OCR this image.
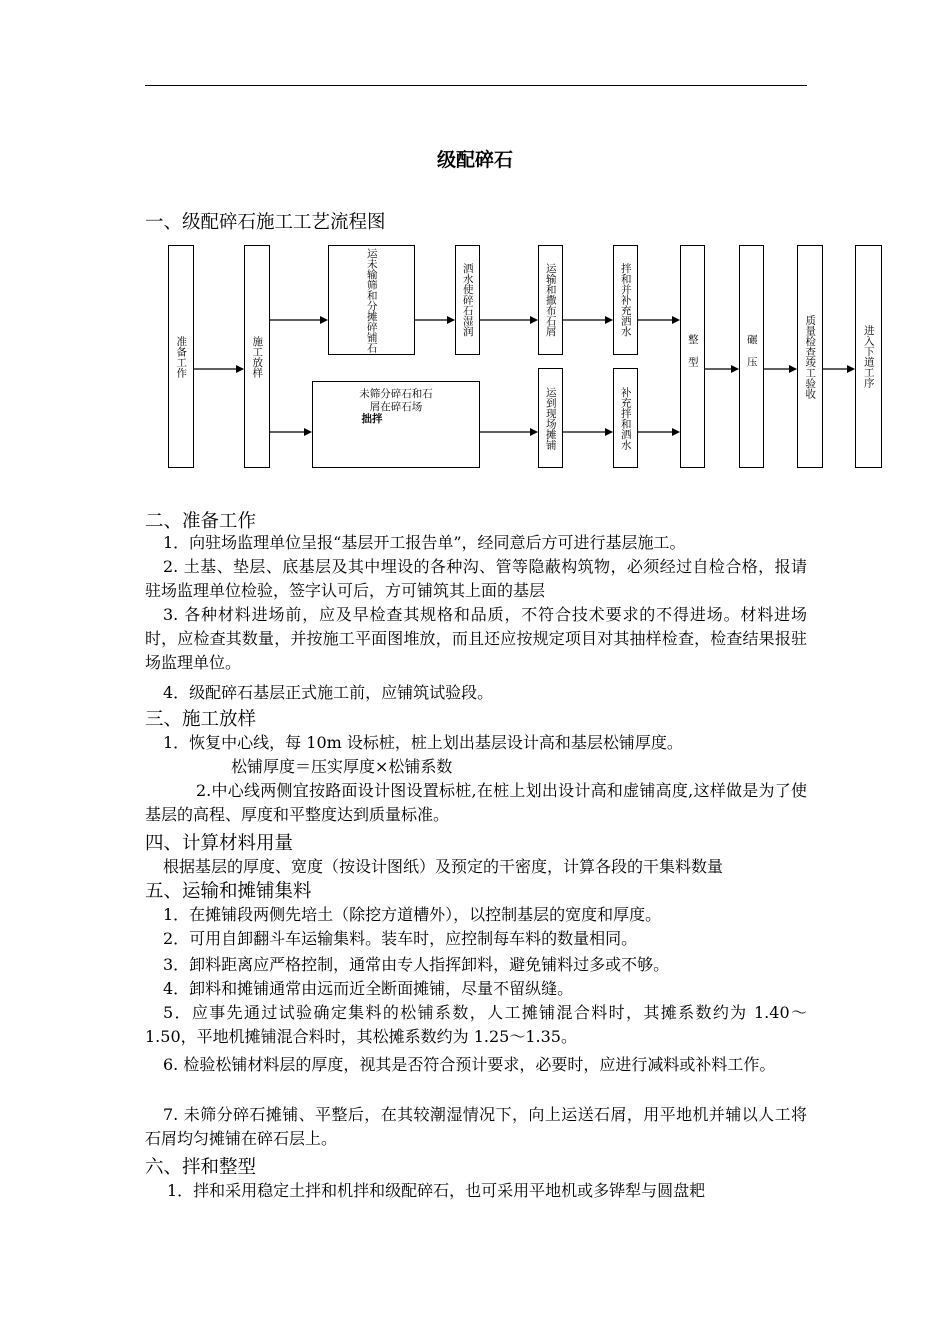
级配碎石
一、级配碎石施工工艺流程图
准备工作	施工放样
运未输筛和分摊碎铺石	洒水使碎石湿润	运输和撒布石屑	拌和并补充洒水
未筛分碎石和石
屑在碎石场
拙拌	运到现场摊铺	补充拌和洒水
整型	碾压	质量检查竣工验收	进入下道工序
二、准备工作
1．向驻场监理单位呈报“基层开工报告单”，经同意后方可进行基层施工。
2. 土基、垫层、底基层及其中埋设的各种沟、管等隐蔽构筑物，必须经过自检合格，报请驻场监理单位检验，签字认可后，方可铺筑其上面的基层
3. 各种材料进场前，应及早检查其规格和品质，不符合技术要求的不得进场。材料进场时，应检查其数量，并按施工平面图堆放，而且还应按规定项目对其抽样检查，检查结果报驻场监理单位。
4．级配碎石基层正式施工前，应铺筑试验段。
三、施工放样
1．恢复中心线，每 10m 设标桩，桩上划出基层设计高和基层松铺厚度。
松铺厚度＝压实厚度×松铺系数
2.中心线两侧宜按路面设计图设置标桩,在桩上划出设计高和虚铺高度,这样做是为了使基层的高程、厚度和平整度达到质量标准。
四、计算材料用量
根据基层的厚度、宽度（按设计图纸）及预定的干密度，计算各段的干集料数量
五、运输和摊铺集料
1．在摊铺段两侧先培土（除挖方道槽外），以控制基层的宽度和厚度。
2．可用自卸翻斗车运输集料。装车时，应控制每车料的数量相同。
3．卸料距离应严格控制，通常由专人指挥卸料，避免铺料过多或不够。
4．卸料和摊铺通常由远而近全断面摊铺，尽量不留纵缝。
5．应事先通过试验确定集料的松铺系数，人工摊铺混合料时，其摊系数约为 1.40～1.50，平地机摊铺混合料时，其松摊系数约为 1.25～1.35。
6. 检验松铺材料层的厚度，视其是否符合预计要求，必要时，应进行减料或补料工作。
7. 未筛分碎石摊铺、平整后，在其较潮湿情况下，向上运送石屑，用平地机并辅以人工将石屑均匀摊铺在碎石层上。
六、拌和整型
1．拌和采用稳定土拌和机拌和级配碎石，也可采用平地机或多铧犁与圆盘耙
